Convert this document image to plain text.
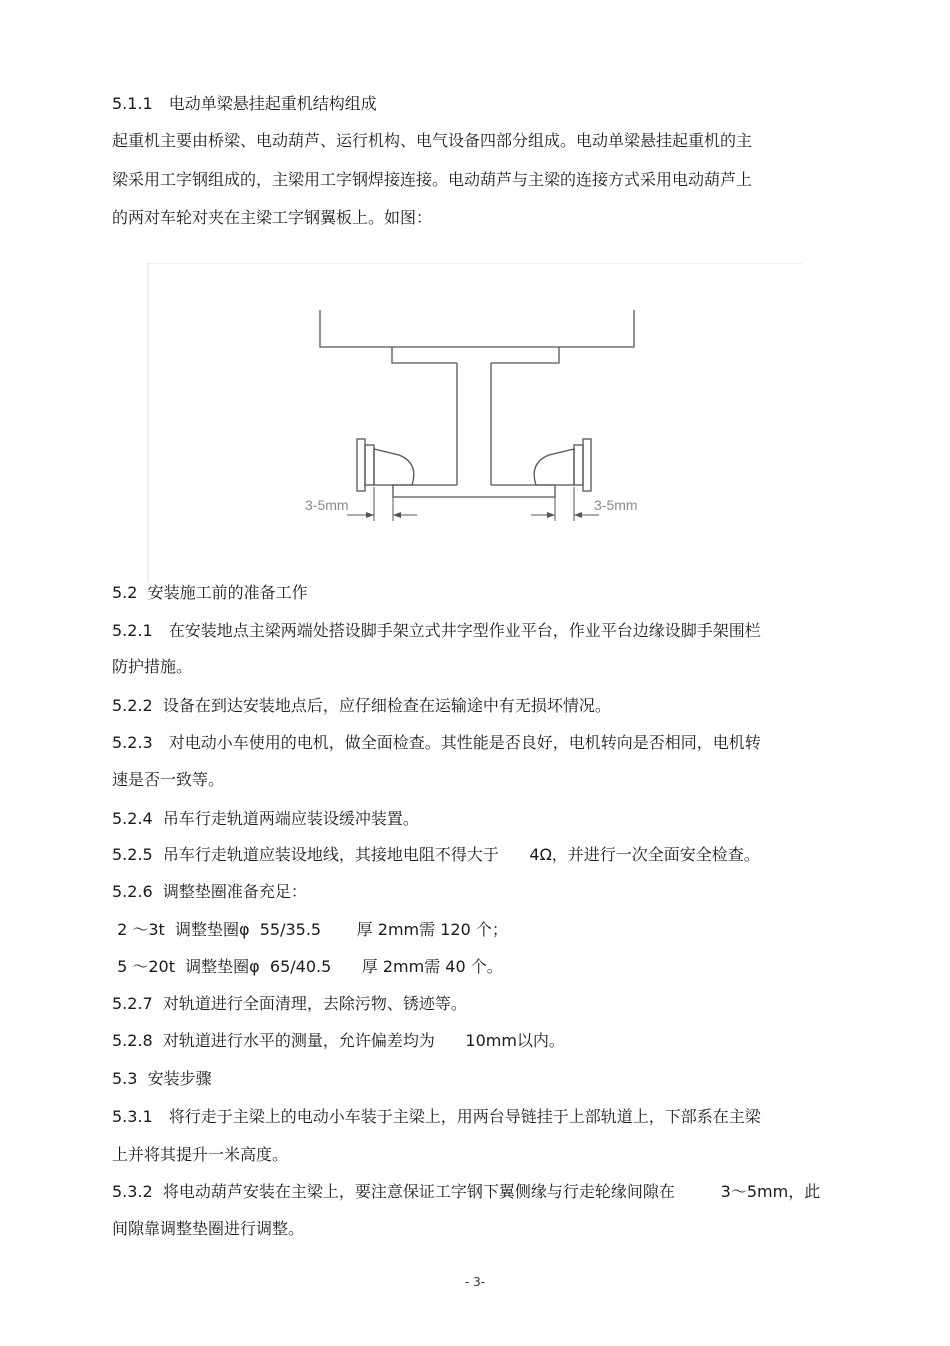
5.1.1　电动单梁悬挂起重机结构组成
起重机主要由桥梁、电动葫芦、运行机构、电气设备四部分组成。电动单梁悬挂起重机的主
梁采用工字钢组成的，主梁用工字钢焊接连接。电动葫芦与主梁的连接方式采用电动葫芦上
的两对车轮对夹在主梁工字钢翼板上。如图：
3-5mm	3-5mm
5.2  安装施工前的准备工作
5.2.1　在安装地点主梁两端处搭设脚手架立式井字型作业平台，作业平台边缘设脚手架围栏
防护措施。
5.2.2  设备在到达安装地点后，应仔细检查在运输途中有无损坏情况。
5.2.3　对电动小车使用的电机，做全面检查。其性能是否良好，电机转向是否相同，电机转
速是否一致等。
5.2.4  吊车行走轨道两端应装设缓冲装置。
5.2.5  吊车行走轨道应装设地线，其接地电阻不得大于      4Ω，并进行一次全面安全检查。
5.2.6  调整垫圈准备充足：
2 ～3t  调整垫圈φ  55/35.5       厚 2mm需 120 个；
5 ～20t  调整垫圈φ  65/40.5      厚 2mm需 40 个。
5.2.7  对轨道进行全面清理，去除污物、锈迹等。
5.2.8  对轨道进行水平的测量，允许偏差均为      10mm以内。
5.3  安装步骤
5.3.1　将行走于主梁上的电动小车装于主梁上，用两台导链挂于上部轨道上，下部系在主梁
上并将其提升一米高度。
5.3.2  将电动葫芦安装在主梁上，要注意保证工字钢下翼侧缘与行走轮缘间隙在         3～5mm，此
间隙靠调整垫圈进行调整。
- 3-
